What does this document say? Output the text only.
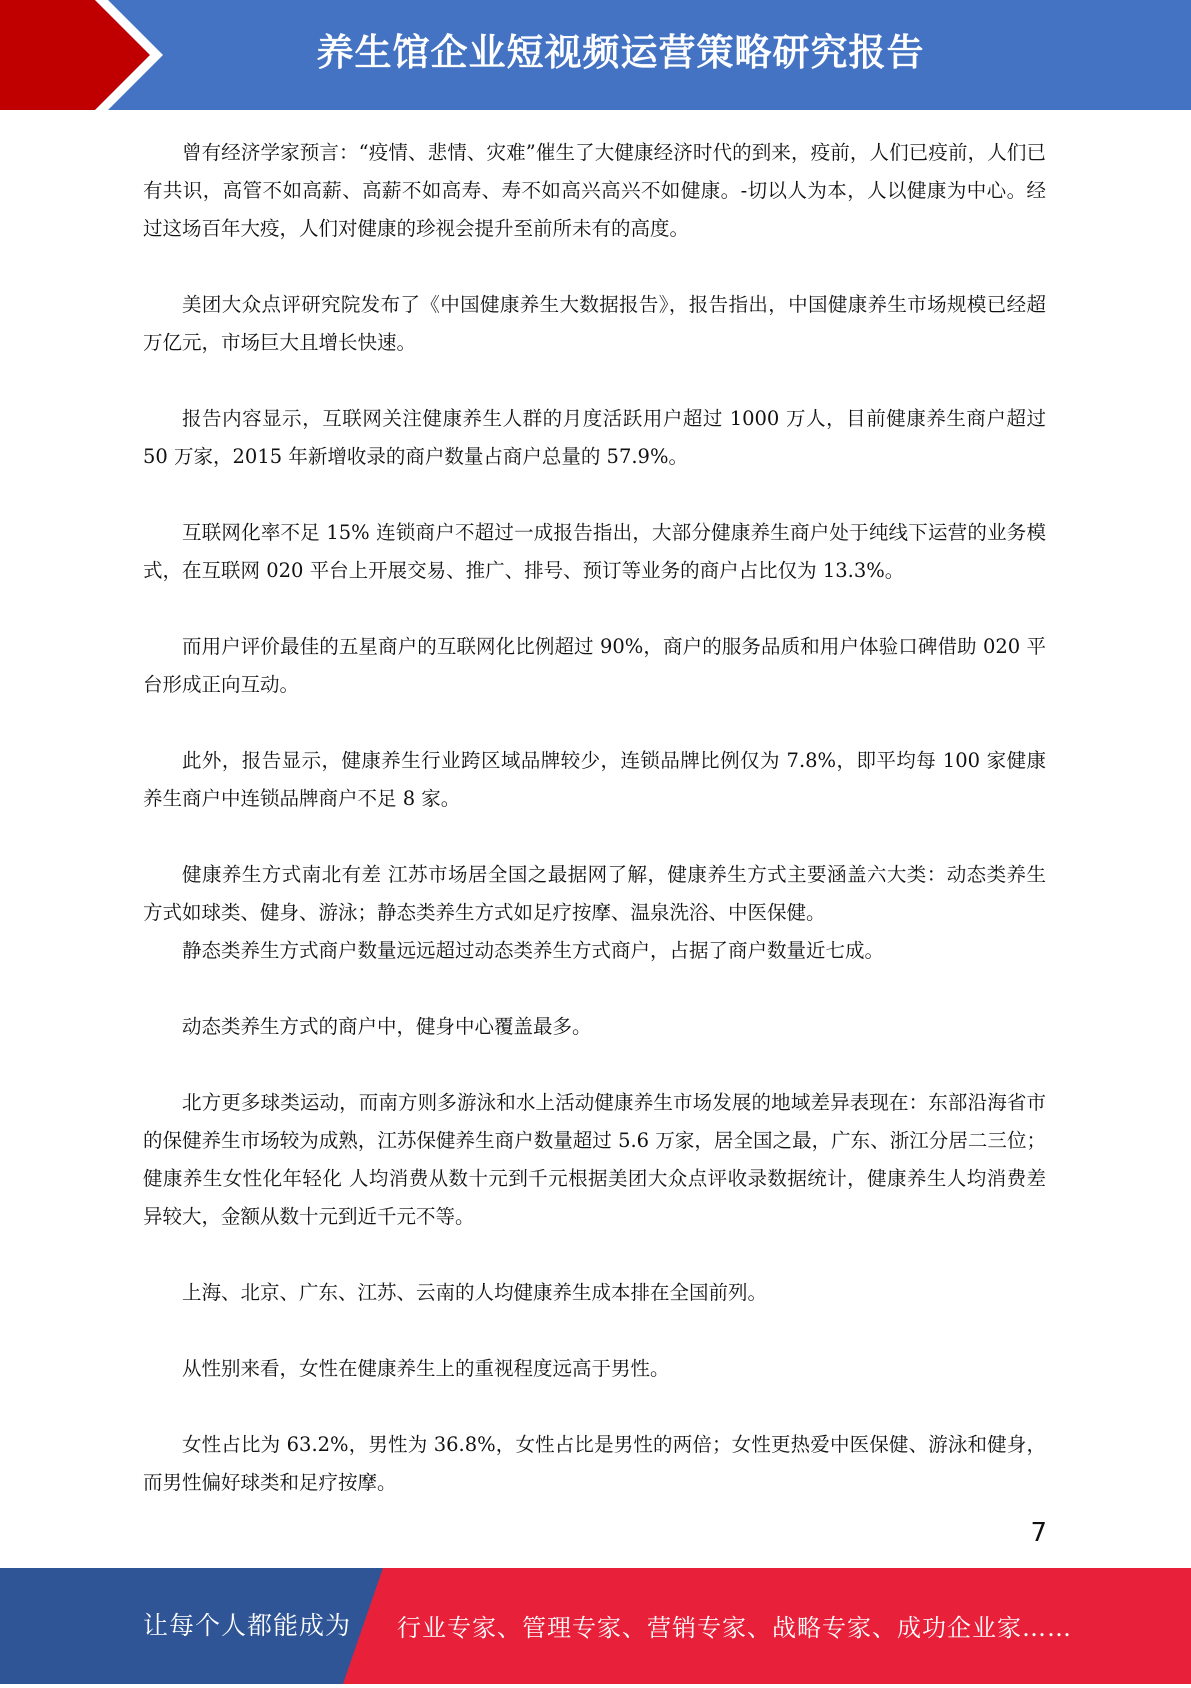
养生馆企业短视频运营策略研究报告

曾有经济学家预言：“疫情、悲情、灾难”催生了大健康经济时代的到来，疫前，人们已疫前，人们已有共识，高管不如高薪、高薪不如高寿、寿不如高兴高兴不如健康。-切以人为本，人以健康为中心。经过这场百年大疫，人们对健康的珍视会提升至前所未有的高度。

美团大众点评研究院发布了《中国健康养生大数据报告》，报告指出，中国健康养生市场规模已经超万亿元，市场巨大且增长快速。

报告内容显示，互联网关注健康养生人群的月度活跃用户超过 1000 万人，目前健康养生商户超过 50 万家，2015 年新增收录的商户数量占商户总量的 57.9%。

互联网化率不足 15% 连锁商户不超过一成报告指出，大部分健康养生商户处于纯线下运营的业务模式，在互联网 020 平台上开展交易、推广、排号、预订等业务的商户占比仅为 13.3%。

而用户评价最佳的五星商户的互联网化比例超过 90%，商户的服务品质和用户体验口碑借助 020 平台形成正向互动。

此外，报告显示，健康养生行业跨区域品牌较少，连锁品牌比例仅为 7.8%，即平均每 100 家健康养生商户中连锁品牌商户不足 8 家。

健康养生方式南北有差 江苏市场居全国之最据网了解，健康养生方式主要涵盖六大类：动态类养生方式如球类、健身、游泳；静态类养生方式如足疗按摩、温泉洗浴、中医保健。

静态类养生方式商户数量远远超过动态类养生方式商户，占据了商户数量近七成。

动态类养生方式的商户中，健身中心覆盖最多。

北方更多球类运动，而南方则多游泳和水上活动健康养生市场发展的地域差异表现在：东部沿海省市的保健养生市场较为成熟，江苏保健养生商户数量超过 5.6 万家，居全国之最，广东、浙江分居二三位；健康养生女性化年轻化 人均消费从数十元到千元根据美团大众点评收录数据统计，健康养生人均消费差异较大，金额从数十元到近千元不等。

上海、北京、广东、江苏、云南的人均健康养生成本排在全国前列。

从性别来看，女性在健康养生上的重视程度远高于男性。

女性占比为 63.2%，男性为 36.8%，女性占比是男性的两倍；女性更热爱中医保健、游泳和健身，而男性偏好球类和足疗按摩。

7
让每个人都能成为 行业专家、管理专家、营销专家、战略专家、成功企业家……
